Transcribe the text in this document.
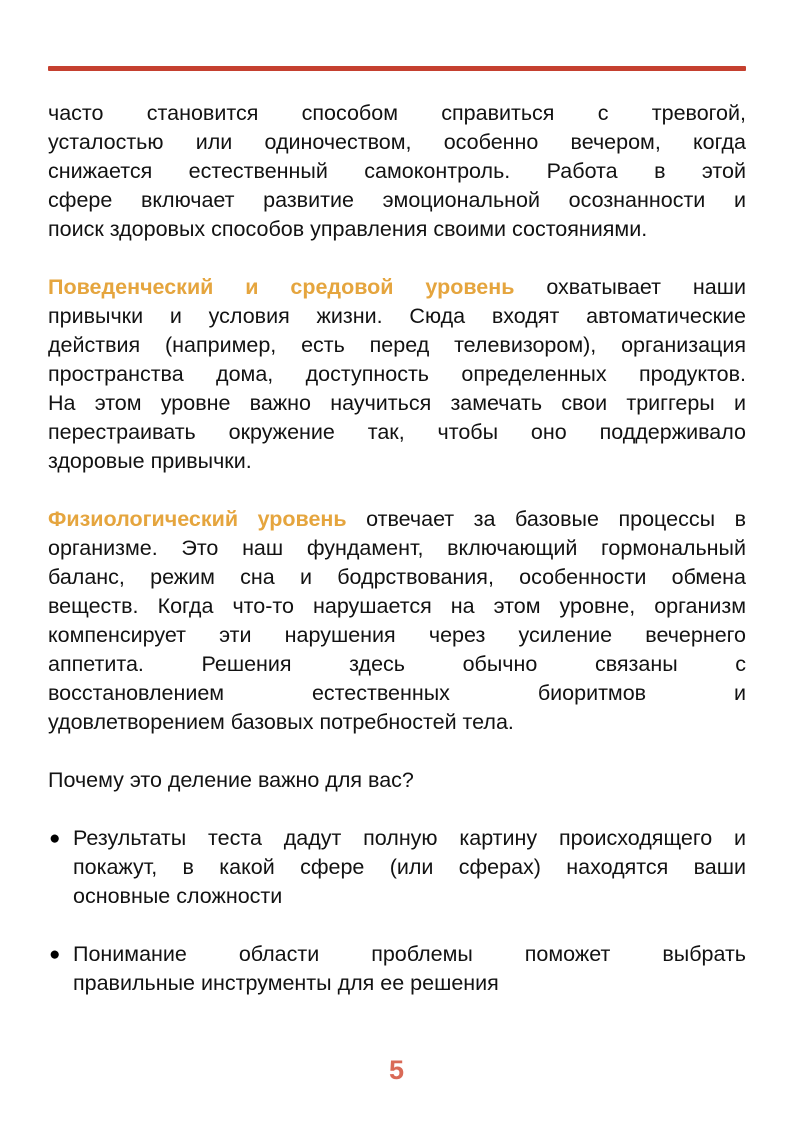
часто становится способом справиться с тревогой,
усталостью или одиночеством, особенно вечером, когда
снижается естественный самоконтроль. Работа в этой
сфере включает развитие эмоциональной осознанности и
поиск здоровых способов управления своими состояниями.

Поведенческий и средовой уровень охватывает наши
привычки и условия жизни. Сюда входят автоматические
действия (например, есть перед телевизором), организация
пространства дома, доступность определенных продуктов.
На этом уровне важно научиться замечать свои триггеры и
перестраивать окружение так, чтобы оно поддерживало
здоровые привычки.

Физиологический уровень отвечает за базовые процессы в
организме. Это наш фундамент, включающий гормональный
баланс, режим сна и бодрствования, особенности обмена
веществ. Когда что-то нарушается на этом уровне, организм
компенсирует эти нарушения через усиление вечернего
аппетита. Решения здесь обычно связаны с
восстановлением естественных биоритмов и
удовлетворением базовых потребностей тела.

Почему это деление важно для вас?

● Результаты теста дадут полную картину происходящего и
покажут, в какой сфере (или сферах) находятся ваши
основные сложности
● Понимание области проблемы поможет выбрать
правильные инструменты для ее решения
5
